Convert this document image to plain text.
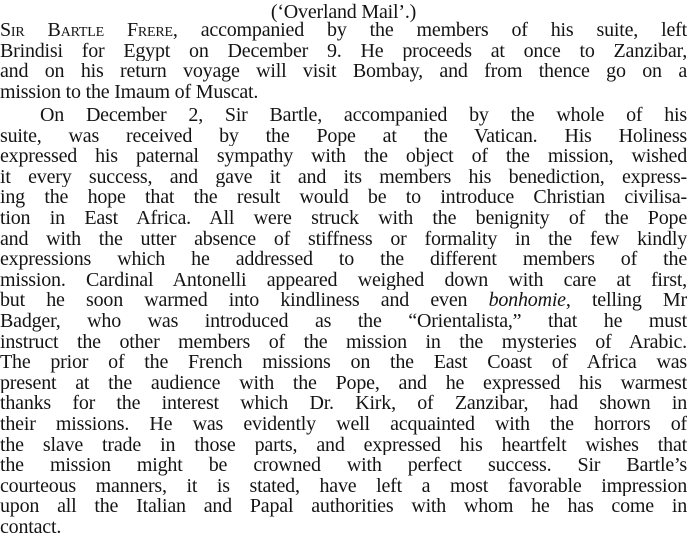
(‘Overland Mail’.)
Sir Bartle Frere, accompanied by the members of his suite, left
Brindisi for Egypt on December 9. He proceeds at once to Zanzibar,
and on his return voyage will visit Bombay, and from thence go on a
mission to the Imaum of Muscat.
On December 2, Sir Bartle, accompanied by the whole of his
suite, was received by the Pope at the Vatican. His Holiness
expressed his paternal sympathy with the object of the mission, wished
it every success, and gave it and its members his benediction, express-
ing the hope that the result would be to introduce Christian civilisa-
tion in East Africa. All were struck with the benignity of the Pope
and with the utter absence of stiffness or formality in the few kindly
expressions which he addressed to the different members of the
mission. Cardinal Antonelli appeared weighed down with care at first,
but he soon warmed into kindliness and even bonhomie, telling Mr
Badger, who was introduced as the “Orientalista,” that he must
instruct the other members of the mission in the mysteries of Arabic.
The prior of the French missions on the East Coast of Africa was
present at the audience with the Pope, and he expressed his warmest
thanks for the interest which Dr. Kirk, of Zanzibar, had shown in
their missions. He was evidently well acquainted with the horrors of
the slave trade in those parts, and expressed his heartfelt wishes that
the mission might be crowned with perfect success. Sir Bartle’s
courteous manners, it is stated, have left a most favorable impression
upon all the Italian and Papal authorities with whom he has come in
contact.
